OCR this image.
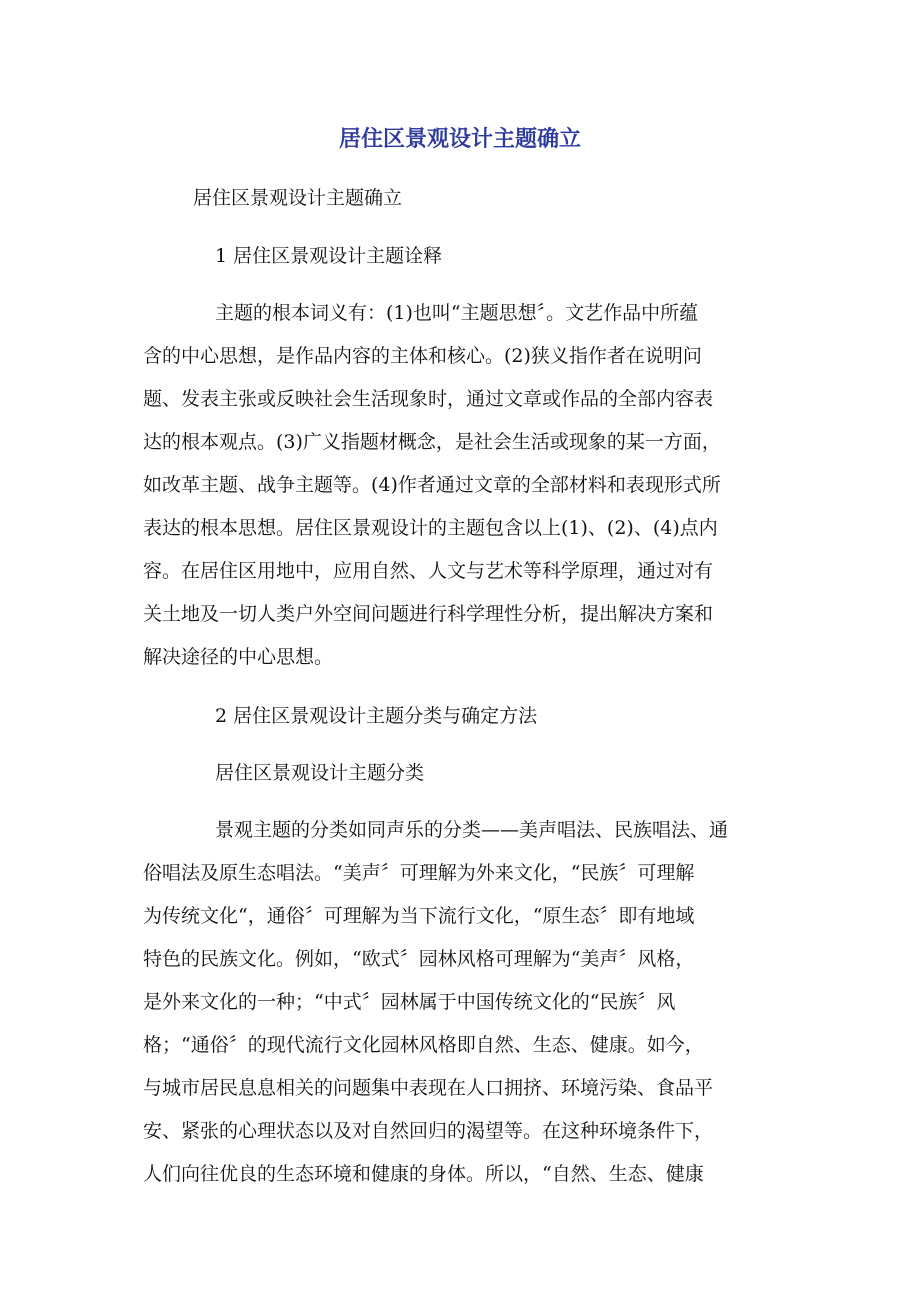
居住区景观设计主题确立

居住区景观设计主题确立

1 居住区景观设计主题诠释

主题的根本词义有：(1)也叫“主题思想〞。文艺作品中所蕴

含的中心思想，是作品内容的主体和核心。(2)狭义指作者在说明问

题、发表主张或反映社会生活现象时，通过文章或作品的全部内容表

达的根本观点。(3)广义指题材概念，是社会生活或现象的某一方面，

如改革主题、战争主题等。(4)作者通过文章的全部材料和表现形式所

表达的根本思想。居住区景观设计的主题包含以上(1)、(2)、(4)点内

容。在居住区用地中，应用自然、人文与艺术等科学原理，通过对有

关土地及一切人类户外空间问题进行科学理性分析，提出解决方案和

解决途径的中心思想。

2 居住区景观设计主题分类与确定方法

居住区景观设计主题分类

景观主题的分类如同声乐的分类——美声唱法、民族唱法、通

俗唱法及原生态唱法。“美声〞可理解为外来文化，“民族〞可理解

为传统文化“，通俗〞可理解为当下流行文化，“原生态〞即有地域

特色的民族文化。例如，“欧式〞园林风格可理解为“美声〞风格，

是外来文化的一种；“中式〞园林属于中国传统文化的“民族〞风

格；“通俗〞的现代流行文化园林风格即自然、生态、健康。如今，

与城市居民息息相关的问题集中表现在人口拥挤、环境污染、食品平

安、紧张的心理状态以及对自然回归的渴望等。在这种环境条件下，

人们向往优良的生态环境和健康的身体。所以，“自然、生态、健康
